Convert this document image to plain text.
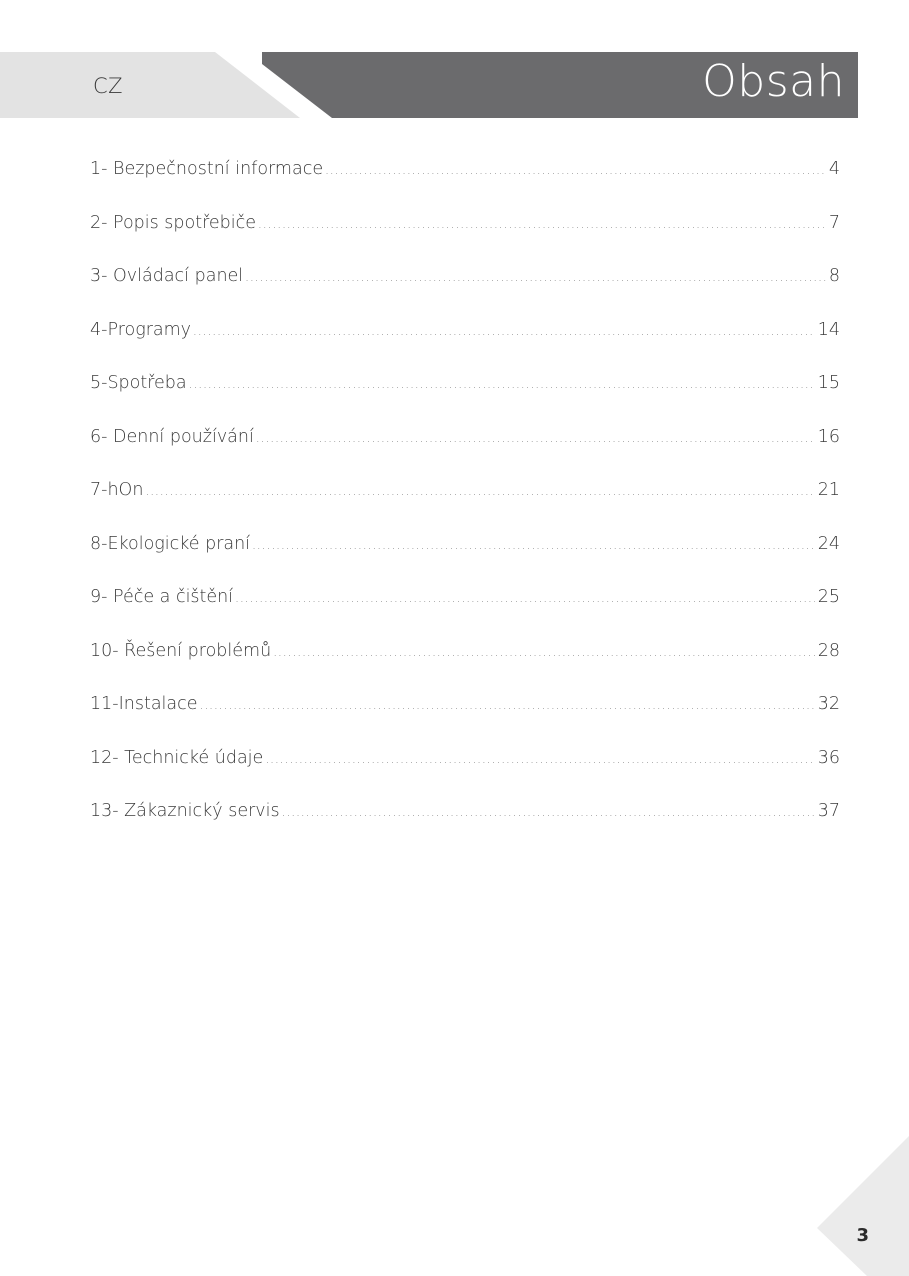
CZ	Obsah
1- Bezpečnostní informace .....	4
2- Popis spotřebiče .....	7
3- Ovládací panel .....	8
4-Programy .....	14
5-Spotřeba .....	15
6- Denní používání .....	16
7-hOn .....	21
8-Ekologické praní .....	24
9- Péče a čištění .....	25
10- Řešení problémů .....	28
11-Instalace .....	32
12- Technické údaje .....	36
13- Zákaznický servis .....	37
3
